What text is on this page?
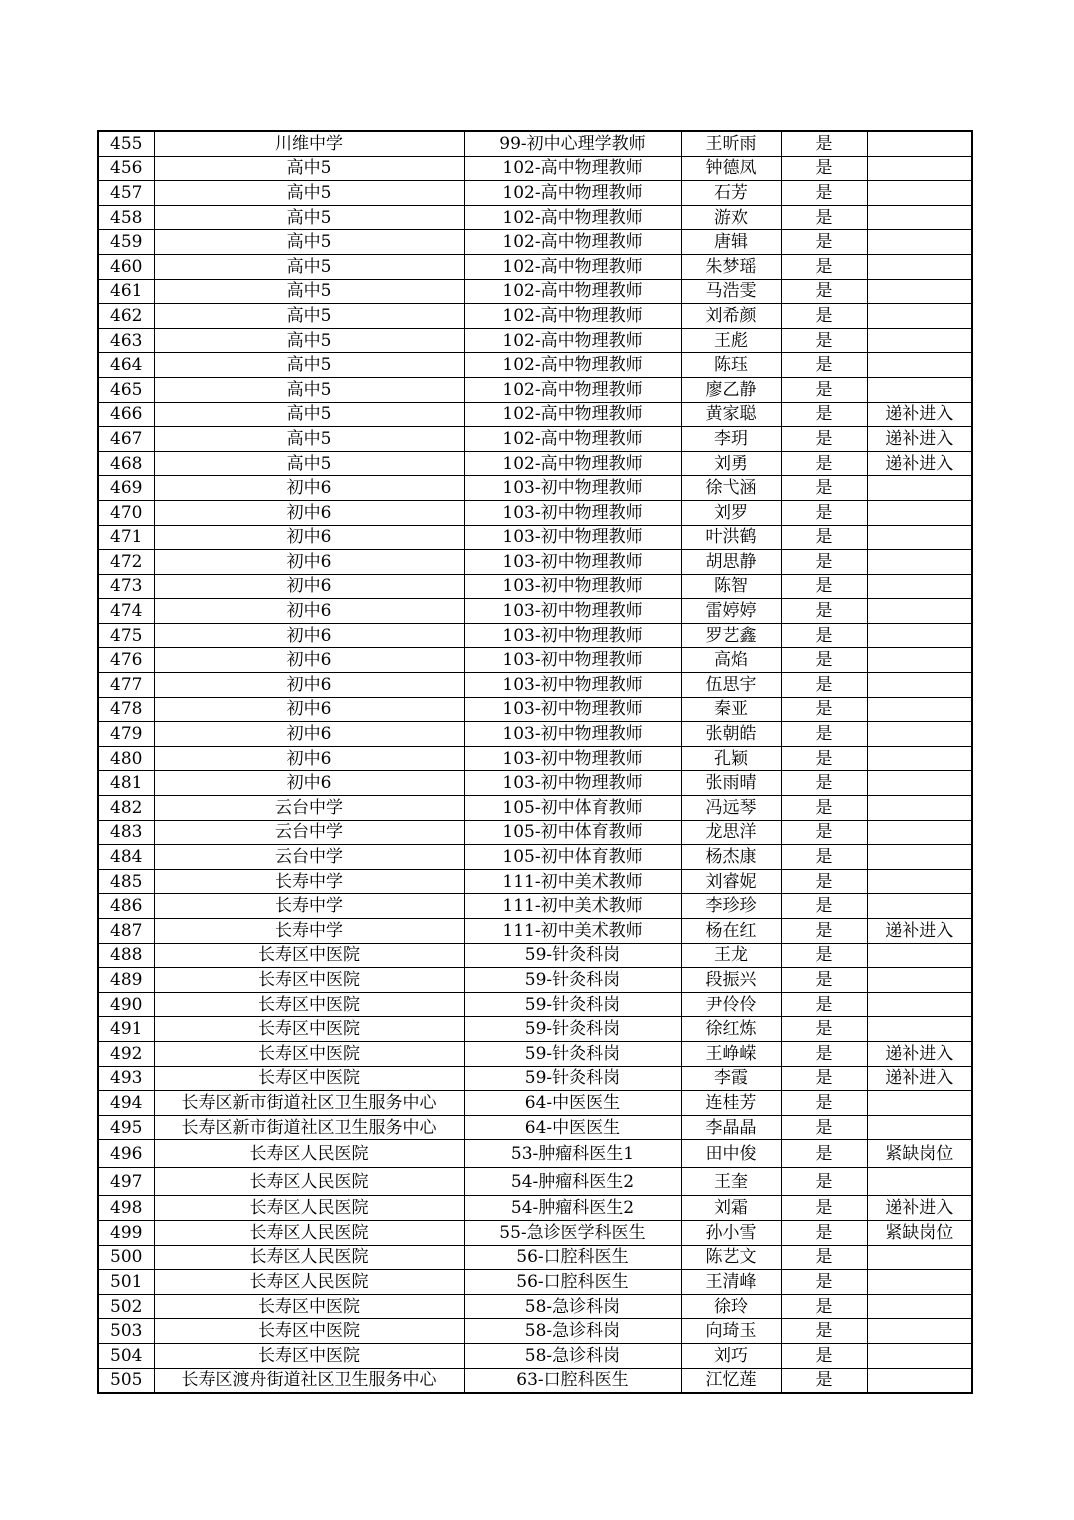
455	川维中学	99-初中心理学教师	王昕雨	是	
456	高中5	102-高中物理教师	钟德凤	是	
457	高中5	102-高中物理教师	石芳	是	
458	高中5	102-高中物理教师	游欢	是	
459	高中5	102-高中物理教师	唐辑	是	
460	高中5	102-高中物理教师	朱梦瑶	是	
461	高中5	102-高中物理教师	马浩雯	是	
462	高中5	102-高中物理教师	刘希颜	是	
463	高中5	102-高中物理教师	王彪	是	
464	高中5	102-高中物理教师	陈珏	是	
465	高中5	102-高中物理教师	廖乙静	是	
466	高中5	102-高中物理教师	黄家聪	是	递补进入
467	高中5	102-高中物理教师	李玥	是	递补进入
468	高中5	102-高中物理教师	刘勇	是	递补进入
469	初中6	103-初中物理教师	徐弋涵	是	
470	初中6	103-初中物理教师	刘罗	是	
471	初中6	103-初中物理教师	叶洪鹤	是	
472	初中6	103-初中物理教师	胡思静	是	
473	初中6	103-初中物理教师	陈智	是	
474	初中6	103-初中物理教师	雷婷婷	是	
475	初中6	103-初中物理教师	罗艺鑫	是	
476	初中6	103-初中物理教师	高焰	是	
477	初中6	103-初中物理教师	伍思宇	是	
478	初中6	103-初中物理教师	秦亚	是	
479	初中6	103-初中物理教师	张朝皓	是	
480	初中6	103-初中物理教师	孔颖	是	
481	初中6	103-初中物理教师	张雨晴	是	
482	云台中学	105-初中体育教师	冯远琴	是	
483	云台中学	105-初中体育教师	龙思洋	是	
484	云台中学	105-初中体育教师	杨杰康	是	
485	长寿中学	111-初中美术教师	刘睿妮	是	
486	长寿中学	111-初中美术教师	李珍珍	是	
487	长寿中学	111-初中美术教师	杨在红	是	递补进入
488	长寿区中医院	59-针灸科岗	王龙	是	
489	长寿区中医院	59-针灸科岗	段振兴	是	
490	长寿区中医院	59-针灸科岗	尹伶伶	是	
491	长寿区中医院	59-针灸科岗	徐红炼	是	
492	长寿区中医院	59-针灸科岗	王峥嵘	是	递补进入
493	长寿区中医院	59-针灸科岗	李霞	是	递补进入
494	长寿区新市街道社区卫生服务中心	64-中医医生	连桂芳	是	
495	长寿区新市街道社区卫生服务中心	64-中医医生	李晶晶	是	
496	长寿区人民医院	53-肿瘤科医生1	田中俊	是	紧缺岗位
497	长寿区人民医院	54-肿瘤科医生2	王奎	是	
498	长寿区人民医院	54-肿瘤科医生2	刘霜	是	递补进入
499	长寿区人民医院	55-急诊医学科医生	孙小雪	是	紧缺岗位
500	长寿区人民医院	56-口腔科医生	陈艺文	是	
501	长寿区人民医院	56-口腔科医生	王清峰	是	
502	长寿区中医院	58-急诊科岗	徐玲	是	
503	长寿区中医院	58-急诊科岗	向琦玉	是	
504	长寿区中医院	58-急诊科岗	刘巧	是	
505	长寿区渡舟街道社区卫生服务中心	63-口腔科医生	江忆莲	是	
